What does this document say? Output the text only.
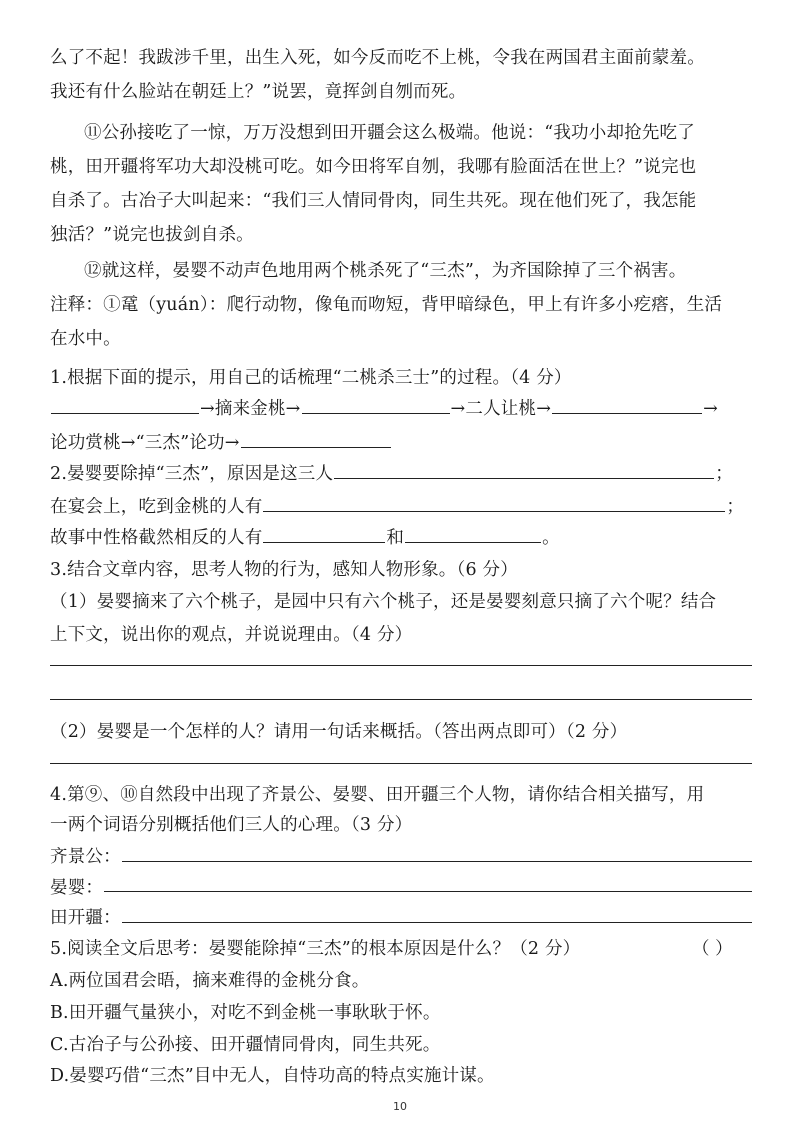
么了不起！我跋涉千里，出生入死，如今反而吃不上桃，令我在两国君主面前蒙羞。
我还有什么脸站在朝廷上？”说罢，竟挥剑自刎而死。
⑪公孙接吃了一惊，万万没想到田开疆会这么极端。他说：“我功小却抢先吃了
桃，田开疆将军功大却没桃可吃。如今田将军自刎，我哪有脸面活在世上？”说完也
自杀了。古冶子大叫起来：“我们三人情同骨肉，同生共死。现在他们死了，我怎能
独活？”说完也拔剑自杀。
⑫就这样，晏婴不动声色地用两个桃杀死了“三杰”，为齐国除掉了三个祸害。
注释：①鼋（yuán）：爬行动物，像龟而吻短，背甲暗绿色，甲上有许多小疙瘩，生活
在水中。
1.根据下面的提示，用自己的话梳理“二桃杀三士”的过程。（4 分）
→摘来金桃→	→二人让桃→	→
论功赏桃→“三杰”论功→
2.晏婴要除掉“三杰”，原因是这三人	；
在宴会上，吃到金桃的人有	；
故事中性格截然相反的人有	和	。
3.结合文章内容，思考人物的行为，感知人物形象。（6 分）
（1）晏婴摘来了六个桃子，是园中只有六个桃子，还是晏婴刻意只摘了六个呢？结合
上下文，说出你的观点，并说说理由。（4 分）
（2）晏婴是一个怎样的人？请用一句话来概括。（答出两点即可）（2 分）
4.第⑨、⑩自然段中出现了齐景公、晏婴、田开疆三个人物，请你结合相关描写，用
一两个词语分别概括他们三人的心理。（3 分）
齐景公：
晏婴：
田开疆：
5.阅读全文后思考：晏婴能除掉“三杰”的根本原因是什么？（2 分）	（ ）
A.两位国君会晤，摘来难得的金桃分食。
B.田开疆气量狭小，对吃不到金桃一事耿耿于怀。
C.古冶子与公孙接、田开疆情同骨肉，同生共死。
D.晏婴巧借“三杰”目中无人，自恃功高的特点实施计谋。
10
